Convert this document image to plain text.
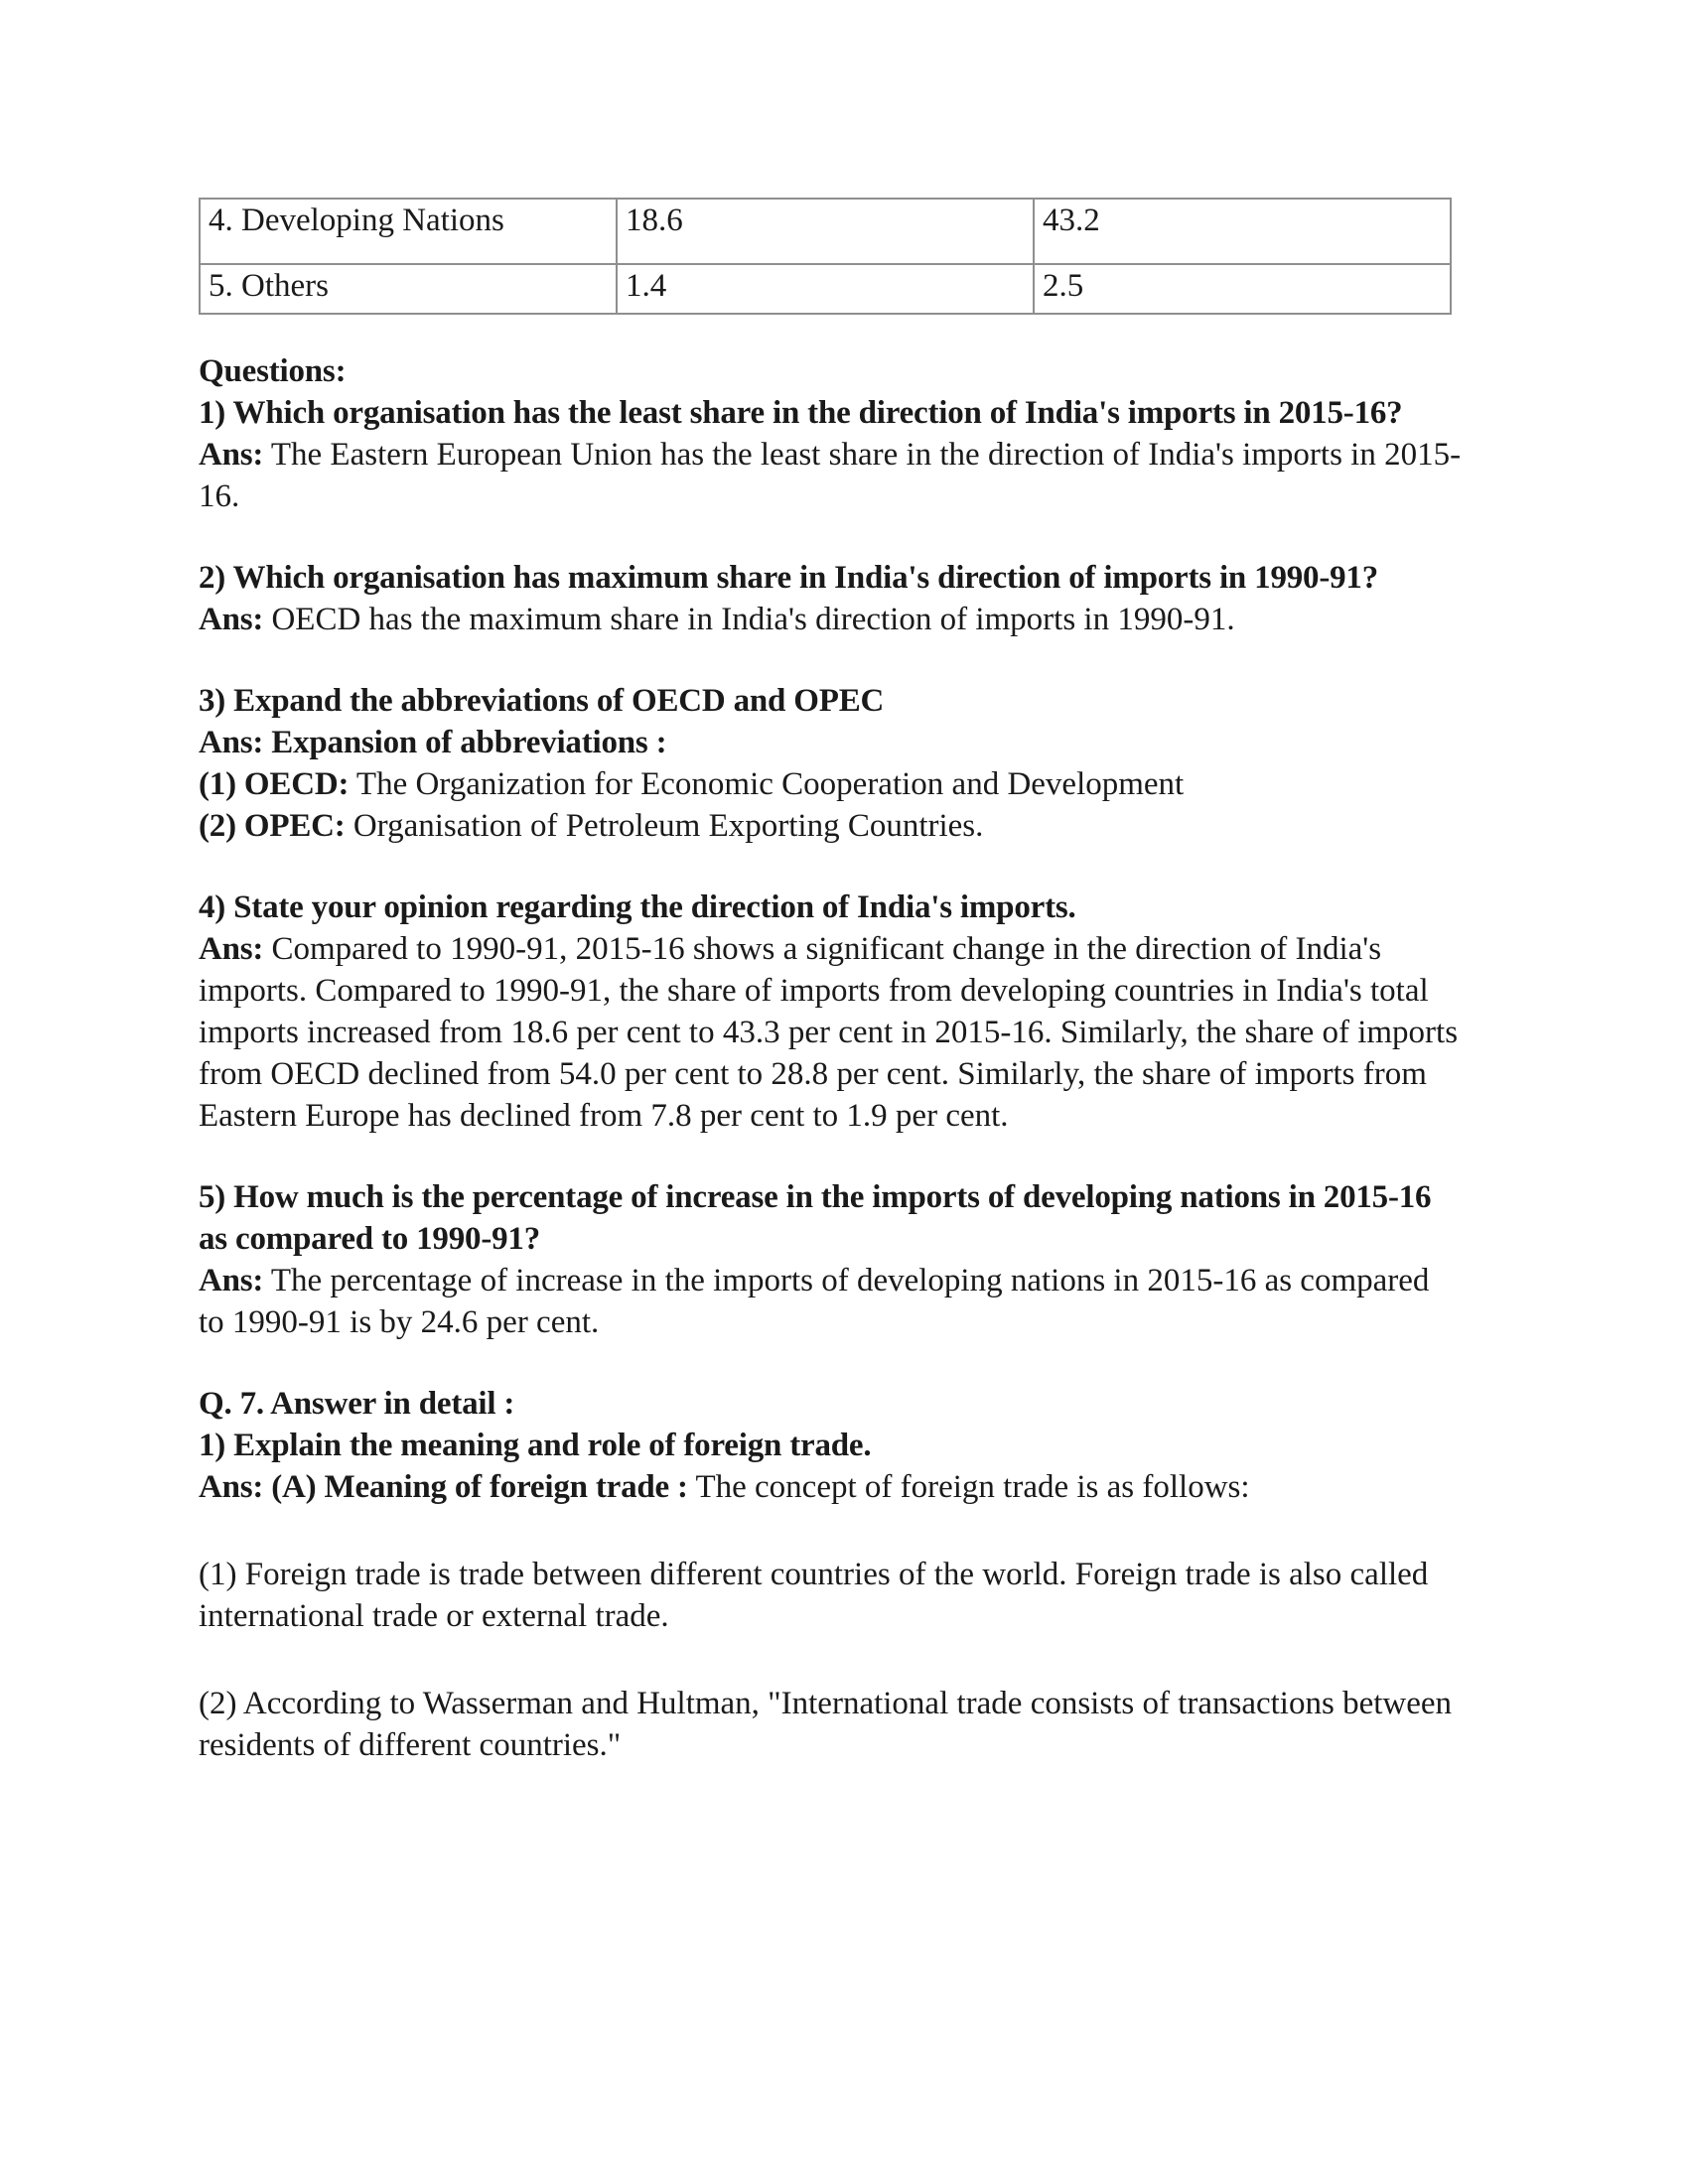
4. Developing Nations	18.6	43.2
5. Others	1.4	2.5

Questions:

1) Which organisation has the least share in the direction of India's imports in 2015-16?

Ans: The Eastern European Union has the least share in the direction of India's imports in 2015-16.

2) Which organisation has maximum share in India's direction of imports in 1990-91?

Ans: OECD has the maximum share in India's direction of imports in 1990-91.

3) Expand the abbreviations of OECD and OPEC

Ans: Expansion of abbreviations :

(1) OECD: The Organization for Economic Cooperation and Development

(2) OPEC: Organisation of Petroleum Exporting Countries.

4) State your opinion regarding the direction of India's imports.

Ans: Compared to 1990-91, 2015-16 shows a significant change in the direction of India's imports. Compared to 1990-91, the share of imports from developing countries in India's total imports increased from 18.6 per cent to 43.3 per cent in 2015-16. Similarly, the share of imports from OECD declined from 54.0 per cent to 28.8 per cent. Similarly, the share of imports from Eastern Europe has declined from 7.8 per cent to 1.9 per cent.

5) How much is the percentage of increase in the imports of developing nations in 2015-16 as compared to 1990-91?

Ans: The percentage of increase in the imports of developing nations in 2015-16 as compared to 1990-91 is by 24.6 per cent.

Q. 7. Answer in detail :

1) Explain the meaning and role of foreign trade.

Ans: (A) Meaning of foreign trade : The concept of foreign trade is as follows:

(1) Foreign trade is trade between different countries of the world. Foreign trade is also called international trade or external trade.

(2) According to Wasserman and Hultman, "International trade consists of transactions between residents of different countries."
